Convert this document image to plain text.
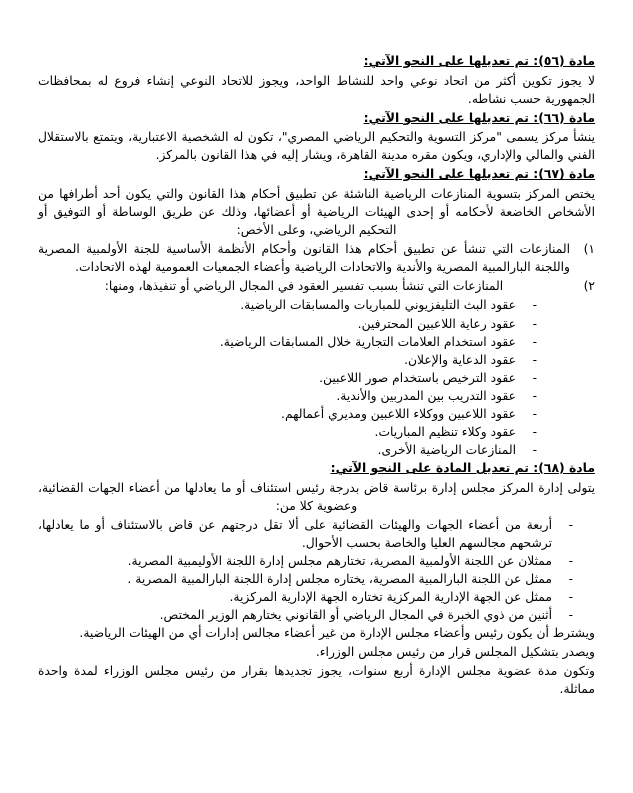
مادة (٥٦): تم تعديلها على النحو الآتي:

لا يجوز تكوين أكثر من اتحاد نوعي واحد للنشاط الواحد، ويجوز للاتحاد النوعي إنشاء فروع له بمحافظات الجمهورية حسب نشاطه.

مادة (٦٦): تم تعديلها على النحو الآتي:

ينشأ مركز يسمى "مركز التسوية والتحكيم الرياضي المصري"، تكون له الشخصية الاعتبارية، ويتمتع بالاستقلال الفني والمالي والإداري، ويكون مقره مدينة القاهرة، ويشار إليه في هذا القانون بالمركز.

مادة (٦٧): تم تعديلها على النحو الآتي:

يختص المركز بتسوية المنازعات الرياضية الناشئة عن تطبيق أحكام هذا القانون والتي يكون أحد أطرافها من الأشخاص الخاضعة لأحكامه أو إحدى الهيئات الرياضية أو أعضائها، وذلك عن طريق الوساطة أو التوفيق أو التحكيم الرياضي، وعلى الأخص:

١)
المنازعات التي تنشأ عن تطبيق أحكام هذا القانون وأحكام الأنظمة الأساسية للجنة الأولمبية المصرية واللجنة البارالمبية المصرية والأندية والاتحادات الرياضية وأعضاء الجمعيات العمومية لهذه الاتحادات.
٢)
المنازعات التي تنشأ بسبب تفسير العقود في المجال الرياضي أو تنفيذها، ومنها:
-
عقود البث التليفزيوني للمباريات والمسابقات الرياضية.
-
عقود رعاية اللاعبين المحترفين.
-
عقود استخدام العلامات التجارية خلال المسابقات الرياضية.
-
عقود الدعاية والإعلان.
-
عقود الترخيص باستخدام صور اللاعبين.
-
عقود التدريب بين المدربين والأندية.
-
عقود اللاعبين ووكلاء اللاعبين ومديري أعمالهم.
-
عقود وكلاء تنظيم المباريات.
-
المنازعات الرياضية الأخرى.
مادة (٦٨): تم تعديل المادة على النحو الآتي:

يتولى إدارة المركز مجلس إدارة برئاسة قاض بدرجة رئيس استئناف أو ما يعادلها من أعضاء الجهات القضائية، وعضوية كلا من:

-
أربعة من أعضاء الجهات والهيئات القضائية على ألا تقل درجتهم عن قاض بالاستئناف أو ما يعادلها، ترشحهم مجالسهم العليا والخاصة بحسب الأحوال.
-
ممثلان عن اللجنة الأولمبية المصرية، تختارهم مجلس إدارة اللجنة الأوليمبية المصرية.
-
ممثل عن اللجنة البارالمبية المصرية، يختاره مجلس إدارة اللجنة البارالمبية المصرية .
-
ممثل عن الجهة الإدارية المركزية تختاره الجهة الإدارية المركزية.
-
أثنين من ذوي الخبرة في المجال الرياضي أو القانوني يختارهم الوزير المختص.

ويشترط أن يكون رئيس وأعضاء مجلس الإدارة من غير أعضاء مجالس إدارات أي من الهيئات الرياضية.

ويصدر بتشكيل المجلس قرار من رئيس مجلس الوزراء.

وتكون مدة عضوية مجلس الإدارة أربع سنوات، يجوز تجديدها بقرار من رئيس مجلس الوزراء لمدة واحدة مماثلة.
